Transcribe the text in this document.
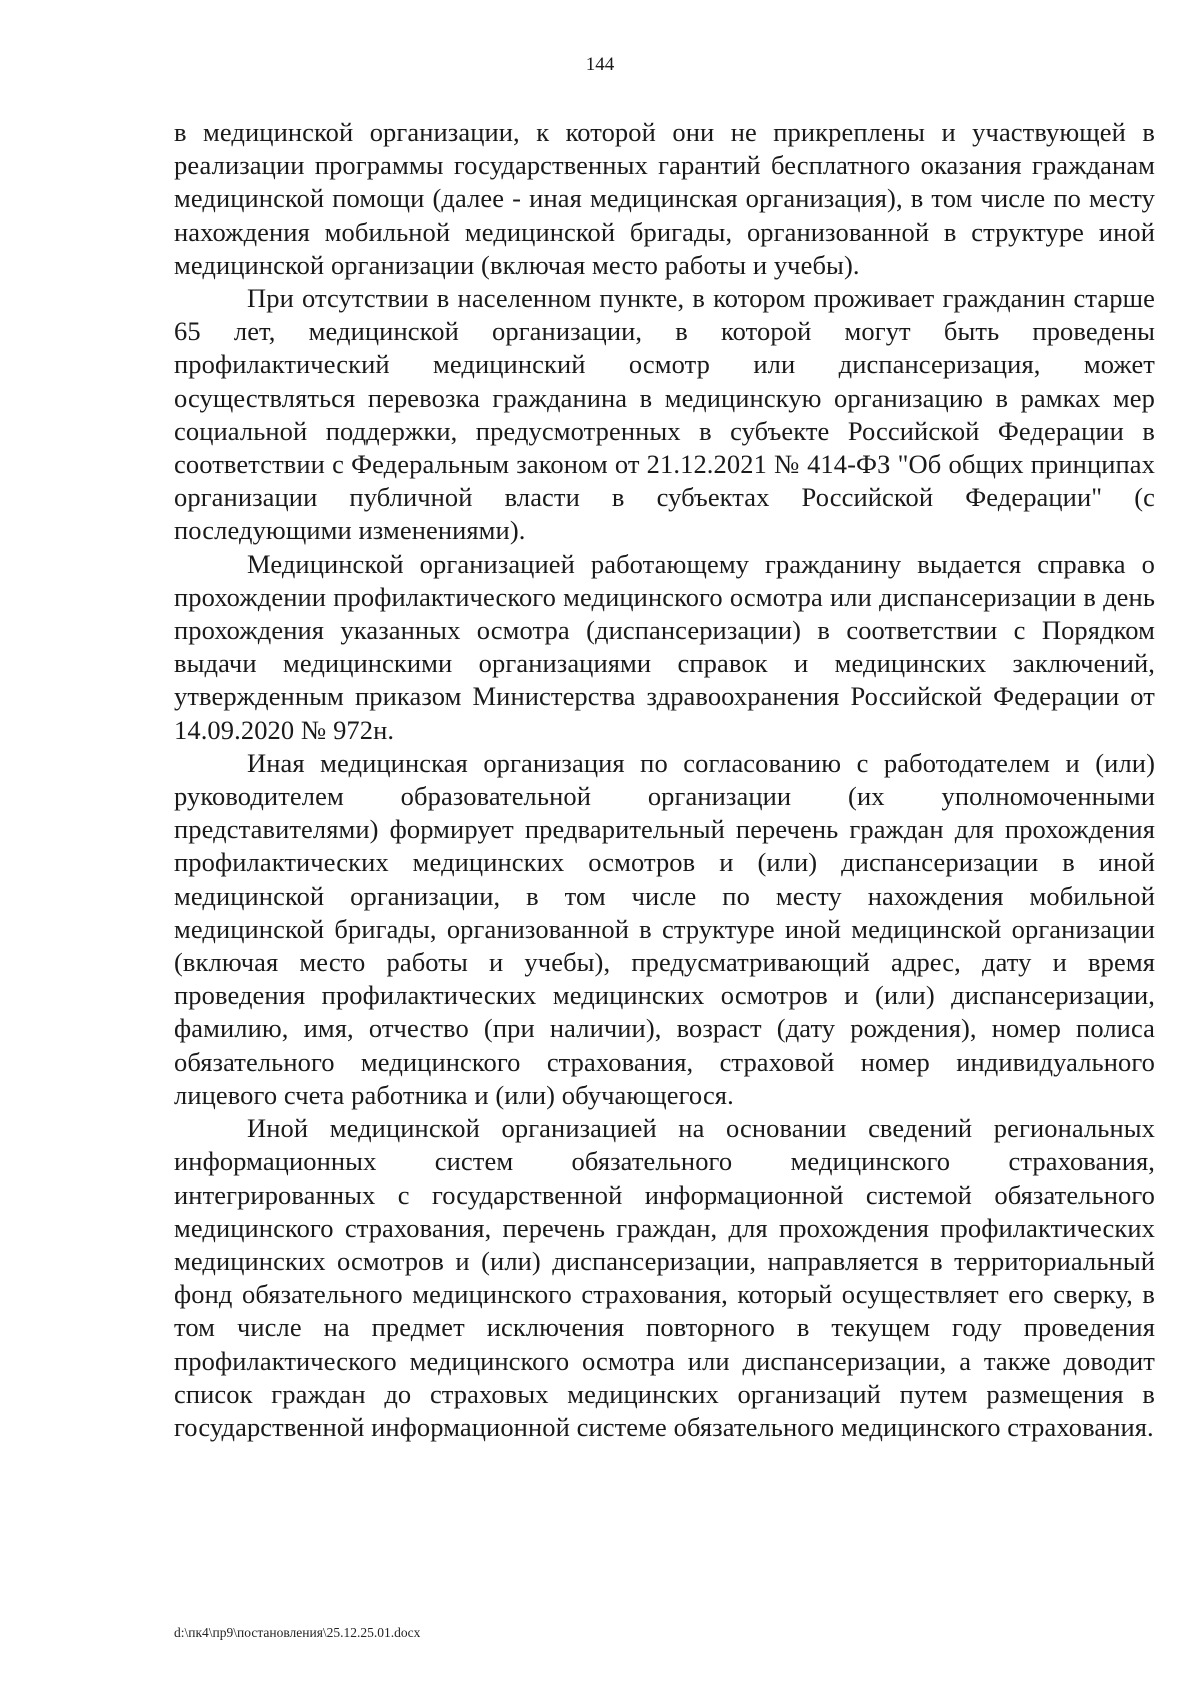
144

в медицинской организации, к которой они не прикреплены и участвующей в реализации программы государственных гарантий бесплатного оказания гражданам медицинской помощи (далее - иная медицинская организация), в том числе по месту нахождения мобильной медицинской бригады, организованной в структуре иной медицинской организации (включая место работы и учебы).

При отсутствии в населенном пункте, в котором проживает гражданин старше 65 лет, медицинской организации, в которой могут быть проведены профилактический медицинский осмотр или диспансеризация, может осуществляться перевозка гражданина в медицинскую организацию в рамках мер социальной поддержки, предусмотренных в субъекте Российской Федерации в соответствии с Федеральным законом от 21.12.2021 № 414-ФЗ "Об общих принципах организации публичной власти в субъектах Российской Федерации" (с последующими изменениями).

Медицинской организацией работающему гражданину выдается справка о прохождении профилактического медицинского осмотра или диспансеризации в день прохождения указанных осмотра (диспансеризации) в соответствии с Порядком выдачи медицинскими организациями справок и медицинских заключений, утвержденным приказом Министерства здравоохранения Российской Федерации от 14.09.2020 № 972н.

Иная медицинская организация по согласованию с работодателем и (или) руководителем образовательной организации (их уполномоченными представителями) формирует предварительный перечень граждан для прохождения профилактических медицинских осмотров и (или) диспансеризации в иной медицинской организации, в том числе по месту нахождения мобильной медицинской бригады, организованной в структуре иной медицинской организации (включая место работы и учебы), предусматривающий адрес, дату и время проведения профилактических медицинских осмотров и (или) диспансеризации, фамилию, имя, отчество (при наличии), возраст (дату рождения), номер полиса обязательного медицинского страхования, страховой номер индивидуального лицевого счета работника и (или) обучающегося.

Иной медицинской организацией на основании сведений региональных информационных систем обязательного медицинского страхования, интегрированных с государственной информационной системой обязательного медицинского страхования, перечень граждан, для прохождения профилактических медицинских осмотров и (или) диспансеризации, направляется в территориальный фонд обязательного медицинского страхования, который осуществляет его сверку, в том числе на предмет исключения повторного в текущем году проведения профилактического медицинского осмотра или диспансеризации, а также доводит список граждан до страховых медицинских организаций путем размещения в государственной информационной системе обязательного медицинского страхования.

d:\пк4\пр9\постановления\25.12.25.01.docx
